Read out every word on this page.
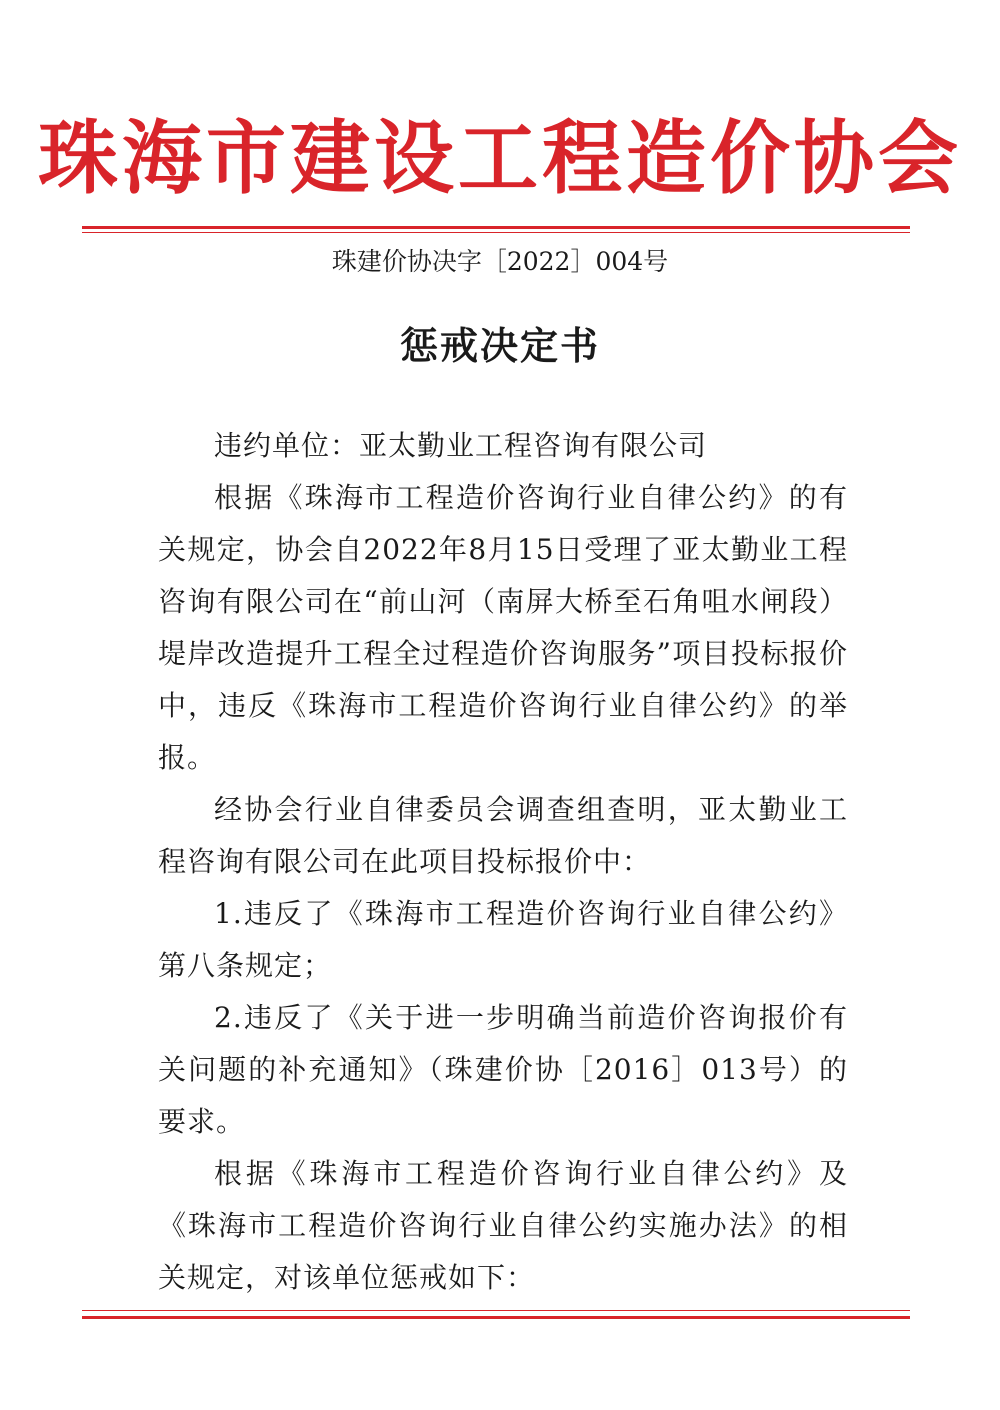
珠海市建设工程造价协会
珠建价协决字［2022］004号
惩戒决定书

违约单位：亚太勤业工程咨询有限公司

根据《珠海市工程造价咨询行业自律公约》的有关规定，协会自2022年8月15日受理了亚太勤业工程咨询有限公司在“前山河（南屏大桥至石角咀水闸段）堤岸改造提升工程全过程造价咨询服务”项目投标报价中，违反《珠海市工程造价咨询行业自律公约》的举报。

经协会行业自律委员会调查组查明，亚太勤业工程咨询有限公司在此项目投标报价中：

1.违反了《珠海市工程造价咨询行业自律公约》第八条规定；

2.违反了《关于进一步明确当前造价咨询报价有关问题的补充通知》（珠建价协［2016］013号）的要求。

根据《珠海市工程造价咨询行业自律公约》及《珠海市工程造价咨询行业自律公约实施办法》的相关规定，对该单位惩戒如下：
